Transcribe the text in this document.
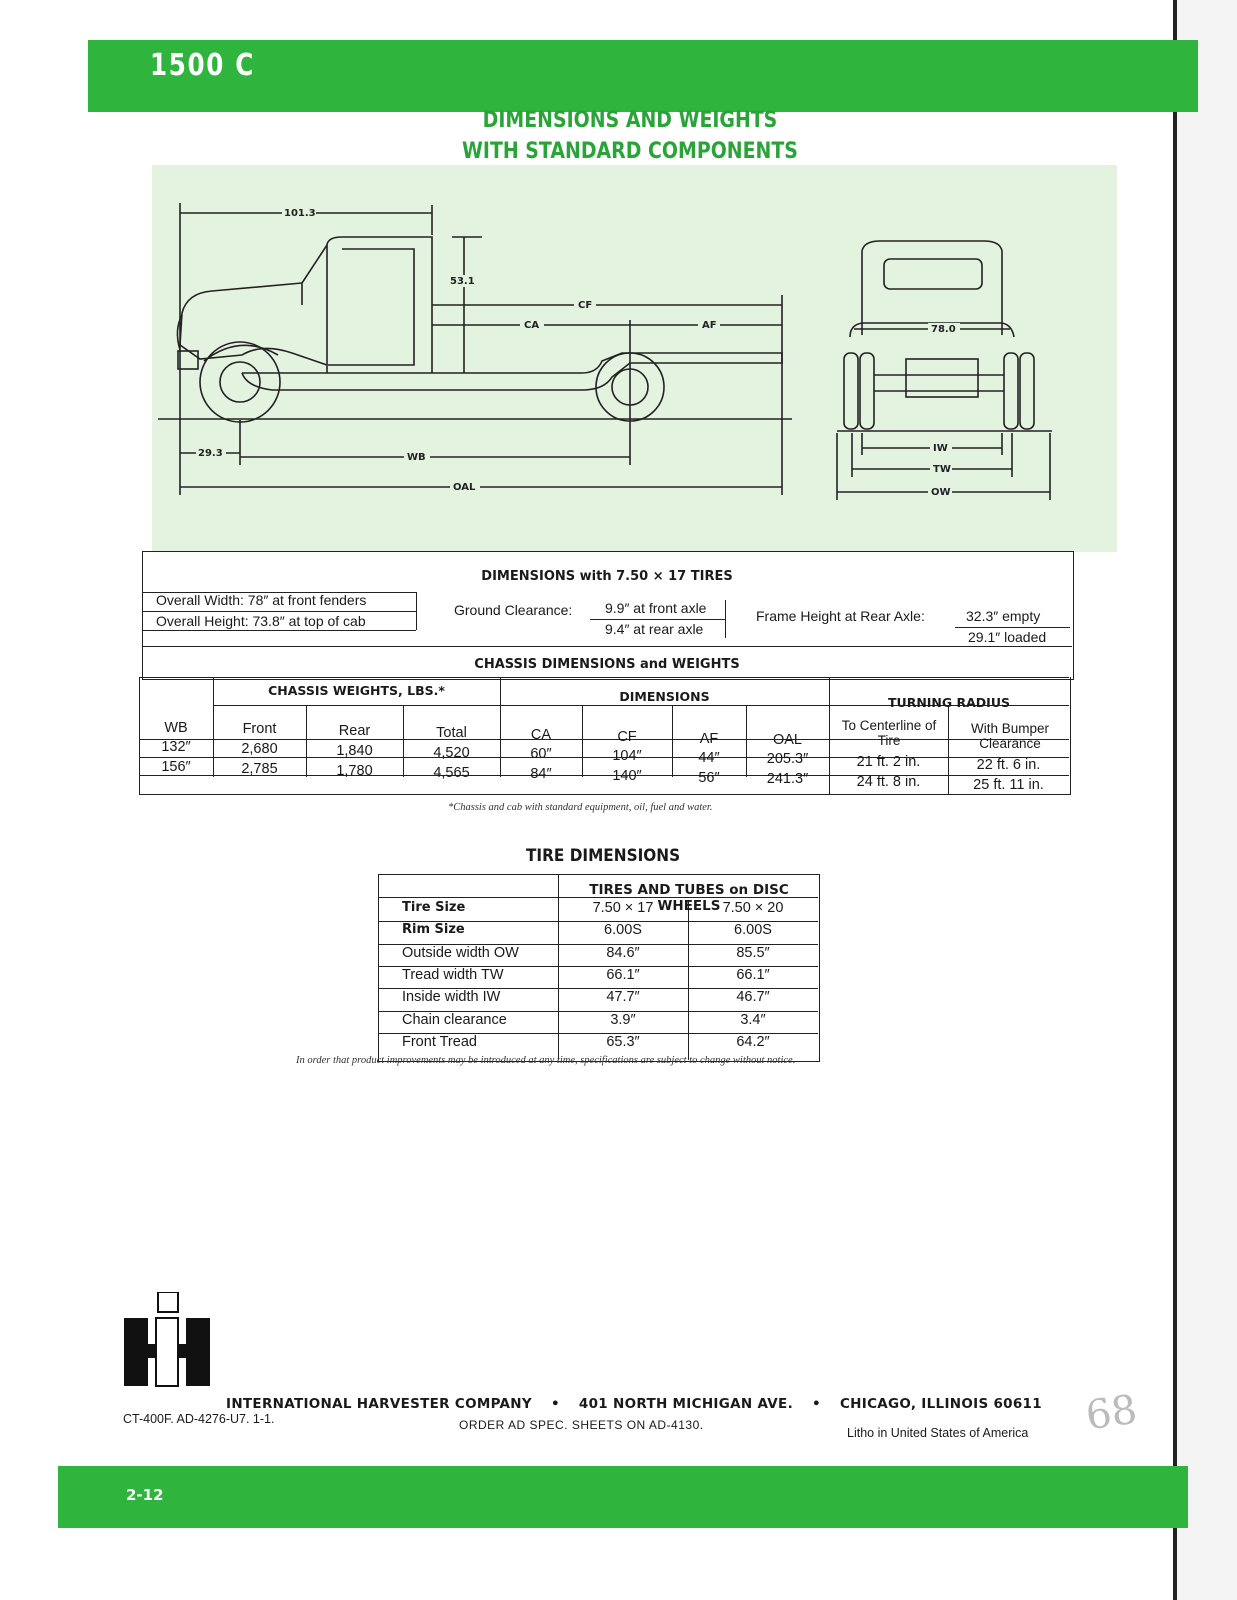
1500 C
DIMENSIONS AND WEIGHTS
WITH STANDARD COMPONENTS
101.3
53.1
CF
CA	AF
29.3	WB
OAL
78.0
IW
TW
OW
DIMENSIONS with 7.50 × 17 TIRES
Overall Width: 78″ at front fenders
Overall Height: 73.8″ at top of cab
Ground Clearance: 9.9″ at front axle
9.4″ at rear axle
Frame Height at Rear Axle:	32.3″ empty
29.1″ loaded
CHASSIS DIMENSIONS and WEIGHTS
CHASSIS WEIGHTS, LBS.*	DIMENSIONS	TURNING RADIUS
WB	Front	Rear	Total	CA	CF	AF	OAL
To Centerline of Tire
With Bumper Clearance
132″	2,680	1,840	4,520	60″	104″	44″	205.3″	21 ft. 2 in.	22 ft. 6 in.
156″	2,785	1,780	4,565	84″	140″	56″	241.3″	24 ft. 8 in.	25 ft. 11 in.
*Chassis and cab with standard equipment, oil, fuel and water.
TIRE DIMENSIONS
TIRES AND TUBES on DISC WHEELS
Tire Size	7.50 × 17	7.50 × 20
Rim Size	6.00S	6.00S
Outside width OW	84.6″	85.5″
Tread width TW	66.1″	66.1″
Inside width IW	47.7″	46.7″
Chain clearance	3.9″	3.4″
Front Tread	65.3″	64.2″
In order that product improvements may be introduced at any time, specifications are subject to change without notice.
INTERNATIONAL HARVESTER COMPANY • 401 NORTH MICHIGAN AVE. • CHICAGO, ILLINOIS 60611
CT-400F. AD-4276-U7. 1-1.	ORDER AD SPEC. SHEETS ON AD-4130.
Litho in United States of America 68
2-12
